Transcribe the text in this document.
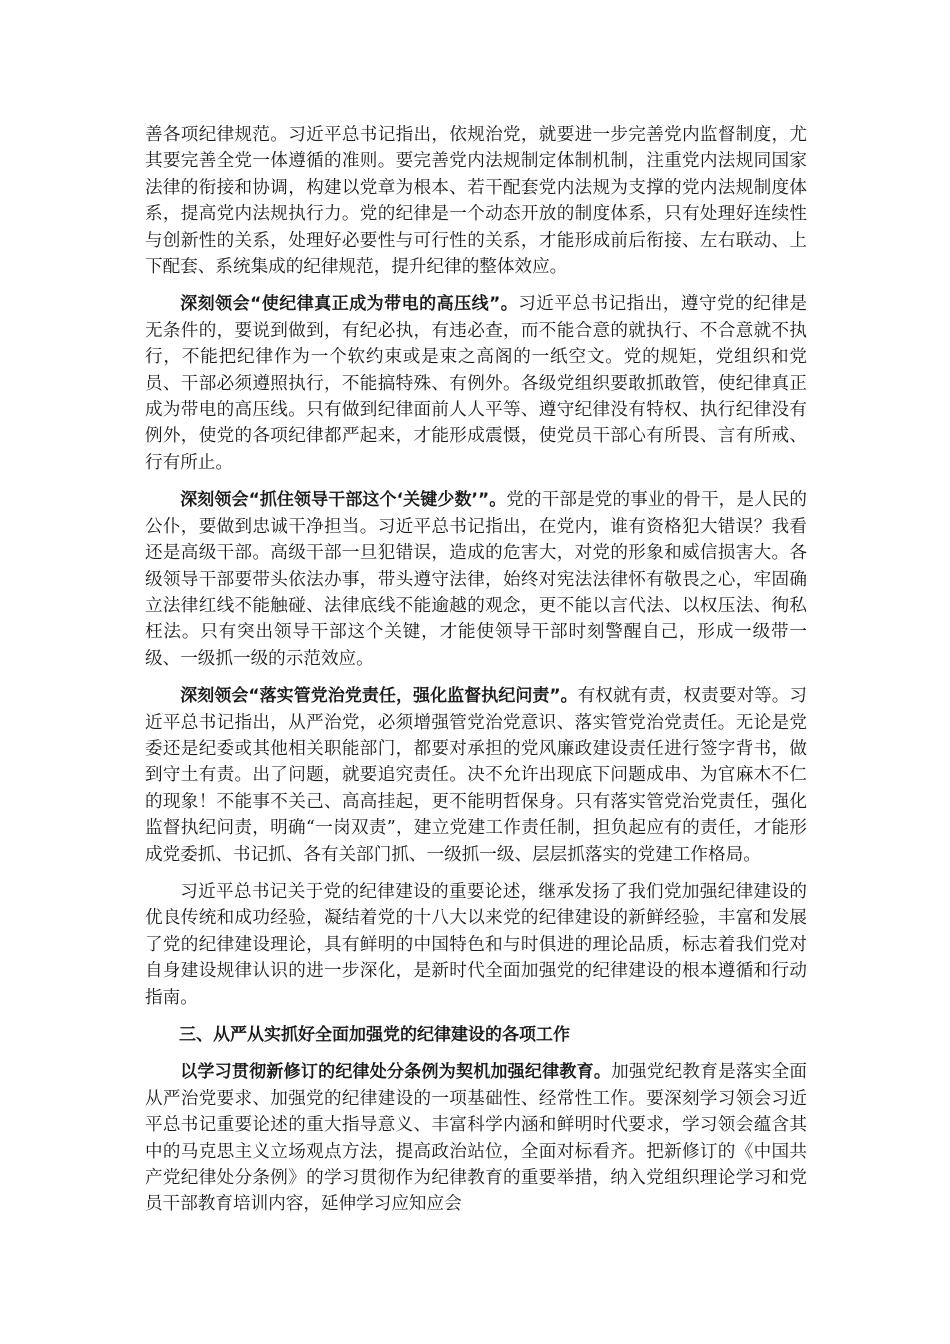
善各项纪律规范。习近平总书记指出，依规治党，就要进一步完善党内监督制度，尤其要完善全党一体遵循的准则。要完善党内法规制定体制机制，注重党内法规同国家法律的衔接和协调，构建以党章为根本、若干配套党内法规为支撑的党内法规制度体系，提高党内法规执行力。党的纪律是一个动态开放的制度体系，只有处理好连续性与创新性的关系，处理好必要性与可行性的关系，才能形成前后衔接、左右联动、上下配套、系统集成的纪律规范，提升纪律的整体效应。

深刻领会“使纪律真正成为带电的高压线”。习近平总书记指出，遵守党的纪律是无条件的，要说到做到，有纪必执，有违必查，而不能合意的就执行、不合意就不执行，不能把纪律作为一个软约束或是束之高阁的一纸空文。党的规矩，党组织和党员、干部必须遵照执行，不能搞特殊、有例外。各级党组织要敢抓敢管，使纪律真正成为带电的高压线。只有做到纪律面前人人平等、遵守纪律没有特权、执行纪律没有例外，使党的各项纪律都严起来，才能形成震慑，使党员干部心有所畏、言有所戒、行有所止。

深刻领会“抓住领导干部这个‘关键少数’”。党的干部是党的事业的骨干，是人民的公仆，要做到忠诚干净担当。习近平总书记指出，在党内，谁有资格犯大错误？我看还是高级干部。高级干部一旦犯错误，造成的危害大，对党的形象和威信损害大。各级领导干部要带头依法办事，带头遵守法律，始终对宪法法律怀有敬畏之心，牢固确立法律红线不能触碰、法律底线不能逾越的观念，更不能以言代法、以权压法、徇私枉法。只有突出领导干部这个关键，才能使领导干部时刻警醒自己，形成一级带一级、一级抓一级的示范效应。

深刻领会“落实管党治党责任，强化监督执纪问责”。有权就有责，权责要对等。习近平总书记指出，从严治党，必须增强管党治党意识、落实管党治党责任。无论是党委还是纪委或其他相关职能部门，都要对承担的党风廉政建设责任进行签字背书，做到守土有责。出了问题，就要追究责任。决不允许出现底下问题成串、为官麻木不仁的现象！不能事不关己、高高挂起，更不能明哲保身。只有落实管党治党责任，强化监督执纪问责，明确“一岗双责”，建立党建工作责任制，担负起应有的责任，才能形成党委抓、书记抓、各有关部门抓、一级抓一级、层层抓落实的党建工作格局。

习近平总书记关于党的纪律建设的重要论述，继承发扬了我们党加强纪律建设的优良传统和成功经验，凝结着党的十八大以来党的纪律建设的新鲜经验，丰富和发展了党的纪律建设理论，具有鲜明的中国特色和与时俱进的理论品质，标志着我们党对自身建设规律认识的进一步深化，是新时代全面加强党的纪律建设的根本遵循和行动指南。

三、从严从实抓好全面加强党的纪律建设的各项工作

以学习贯彻新修订的纪律处分条例为契机加强纪律教育。加强党纪教育是落实全面从严治党要求、加强党的纪律建设的一项基础性、经常性工作。要深刻学习领会习近平总书记重要论述的重大指导意义、丰富科学内涵和鲜明时代要求，学习领会蕴含其中的马克思主义立场观点方法，提高政治站位，全面对标看齐。把新修订的《中国共产党纪律处分条例》的学习贯彻作为纪律教育的重要举措，纳入党组织理论学习和党员干部教育培训内容，延伸学习应知应会
